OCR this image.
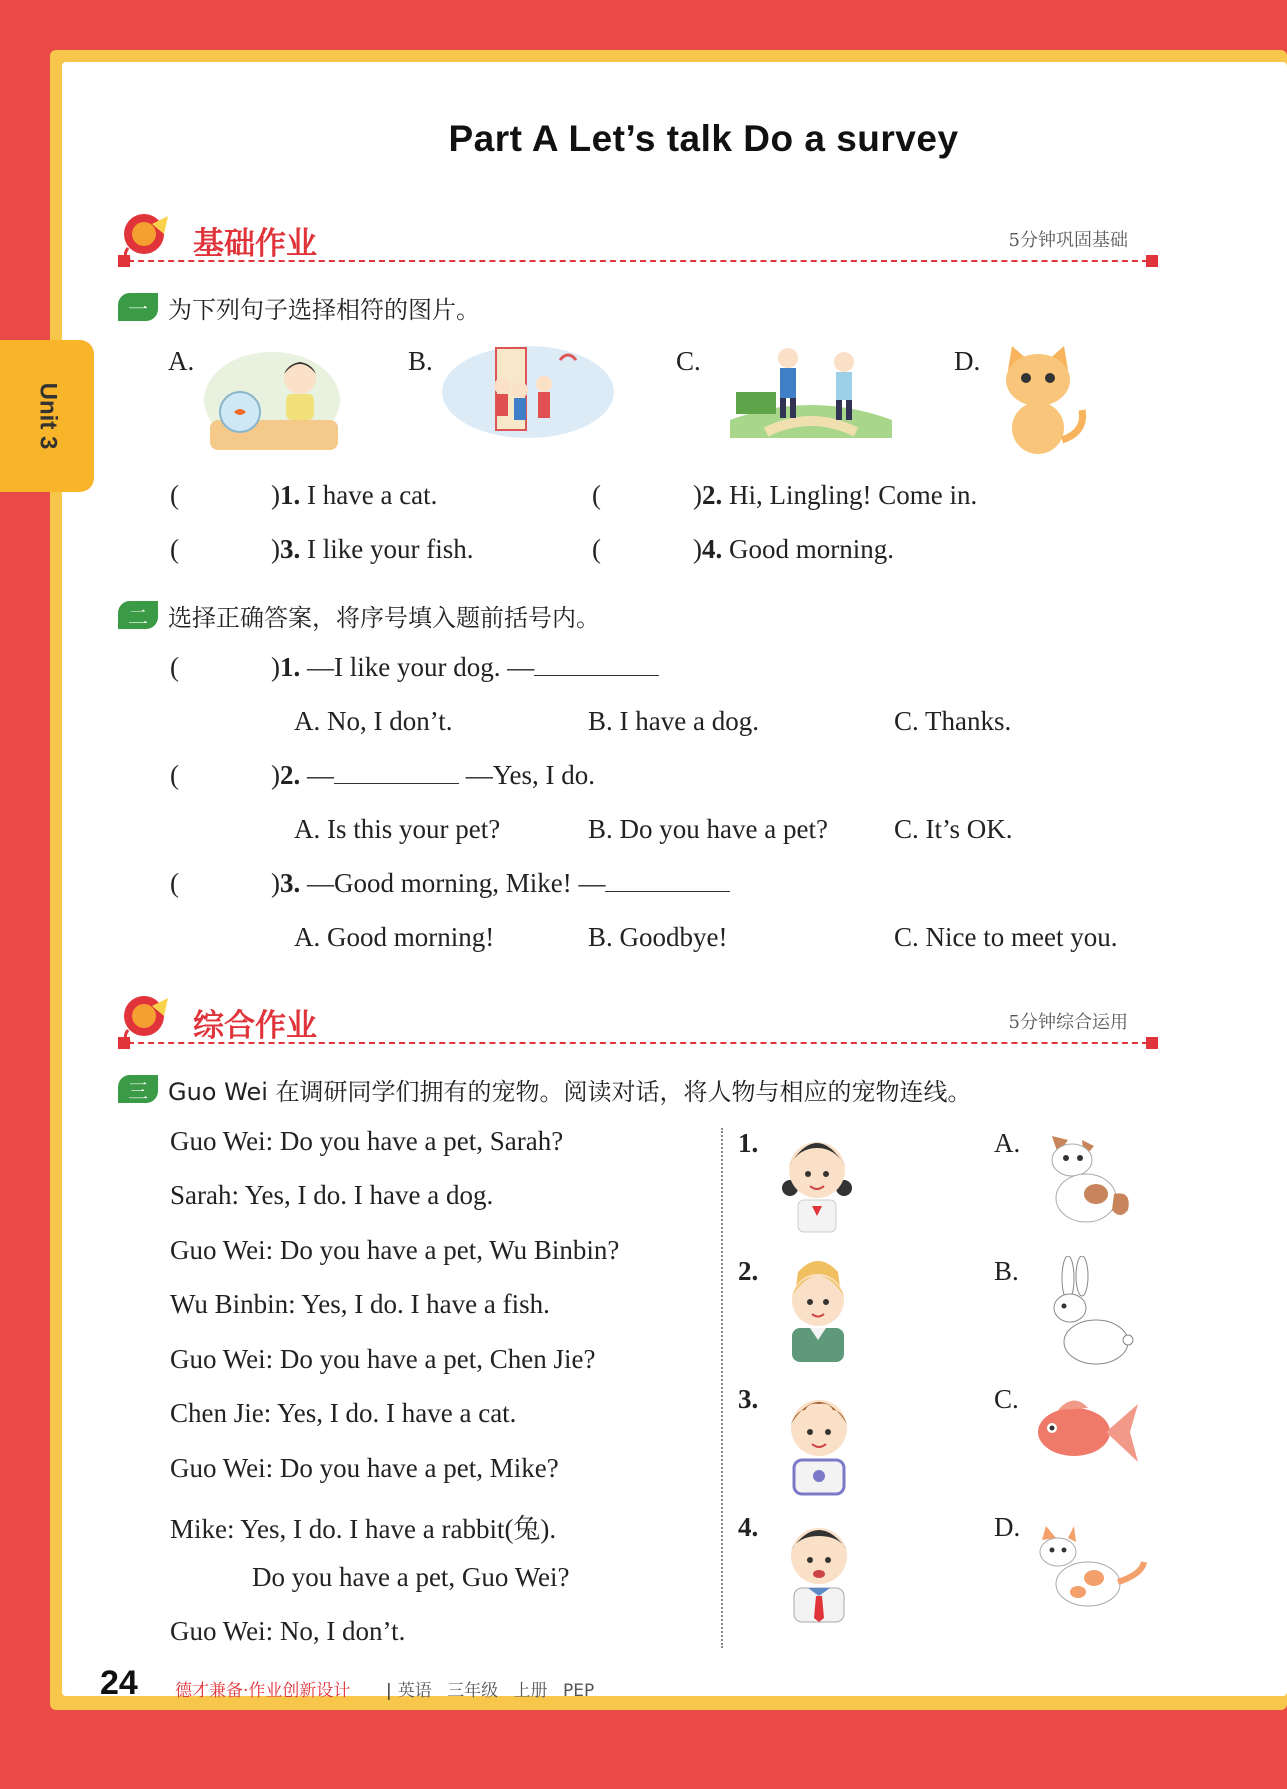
Unit 3
Part A Let’s talk Do a survey
基础作业	5分钟巩固基础
一 为下列句子选择相符的图片。
A.	B.	C.	D.
(	)1. I have a cat.	(	)2. Hi, Lingling! Come in.
(	)3. I like your fish.	(	)4. Good morning.
二 选择正确答案，将序号填入题前括号内。
(	)1. —I like your dog. —
A. No, I don’t.	B. I have a dog.	C. Thanks.
(	)2. —	—Yes, I do.
A. Is this your pet?	B. Do you have a pet? C. It’s OK.
(	)3. —Good morning, Mike! —
A. Good morning!	B. Goodbye!	C. Nice to meet you.
综合作业	5分钟综合运用
三 Guo Wei 在调研同学们拥有的宠物。阅读对话，将人物与相应的宠物连线。
Guo Wei: Do you have a pet, Sarah?
Sarah: Yes, I do. I have a dog.
Guo Wei: Do you have a pet, Wu Binbin?
Wu Binbin: Yes, I do. I have a fish.
Guo Wei: Do you have a pet, Chen Jie?
Chen Jie: Yes, I do. I have a cat.
Guo Wei: Do you have a pet, Mike?
Mike: Yes, I do. I have a rabbit(兔).
Do you have a pet, Guo Wei?
Guo Wei: No, I don’t.
1.
2.
3.
4.
A.
B.
C.
D.
24 德才兼备·作业创新设计	| 英语 三年级 上册 PEP
